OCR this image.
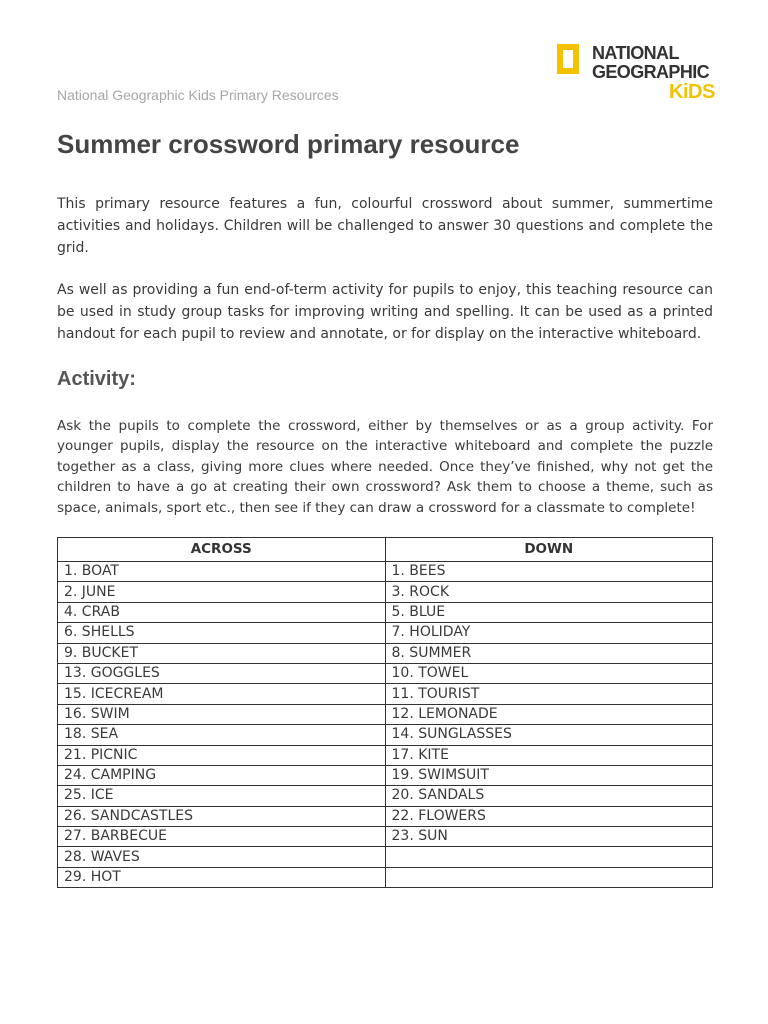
National Geographic Kids Primary Resources
NATIONAL
GEOGRAPHIC
KiDS
Summer crossword primary resource

This primary resource features a fun, colourful crossword about summer, summertime activities and holidays. Children will be challenged to answer 30 questions and complete the grid.

As well as providing a fun end-of-term activity for pupils to enjoy, this teaching resource can be used in study group tasks for improving writing and spelling. It can be used as a printed handout for each pupil to review and annotate, or for display on the interactive whiteboard.

Activity:

Ask the pupils to complete the crossword, either by themselves or as a group activity. For younger pupils, display the resource on the interactive whiteboard and complete the puzzle together as a class, giving more clues where needed. Once they’ve finished, why not get the children to have a go at creating their own crossword? Ask them to choose a theme, such as space, animals, sport etc., then see if they can draw a crossword for a classmate to complete!

ACROSS	DOWN
1. BOAT	1. BEES
2. JUNE	3. ROCK
4. CRAB	5. BLUE
6. SHELLS	7. HOLIDAY
9. BUCKET	8. SUMMER
13. GOGGLES	10. TOWEL
15. ICECREAM	11. TOURIST
16. SWIM	12. LEMONADE
18. SEA	14. SUNGLASSES
21. PICNIC	17. KITE
24. CAMPING	19. SWIMSUIT
25. ICE	20. SANDALS
26. SANDCASTLES	22. FLOWERS
27. BARBECUE	23. SUN
28. WAVES	
29. HOT	
